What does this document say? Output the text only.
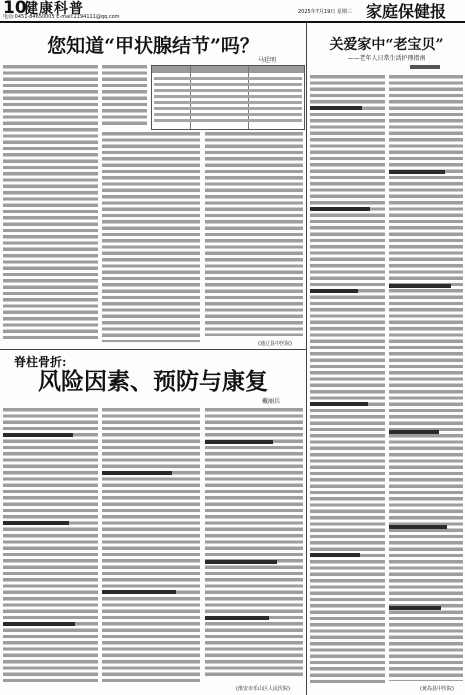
10
健康科普
电话:0451-84650005 E-mail:2194111@qq.com
2025年7月19日 星期三 家庭保健报
您知道“甲状腺结节”吗？
马廷明
(通辽县中医院)
关爱家中“老宝贝”
——老年人日常生活护理指南
(黄岛县中医院)
脊柱骨折:
风险因素、预防与康复
戴丽兵
(淮安市乐山区人民医院)
